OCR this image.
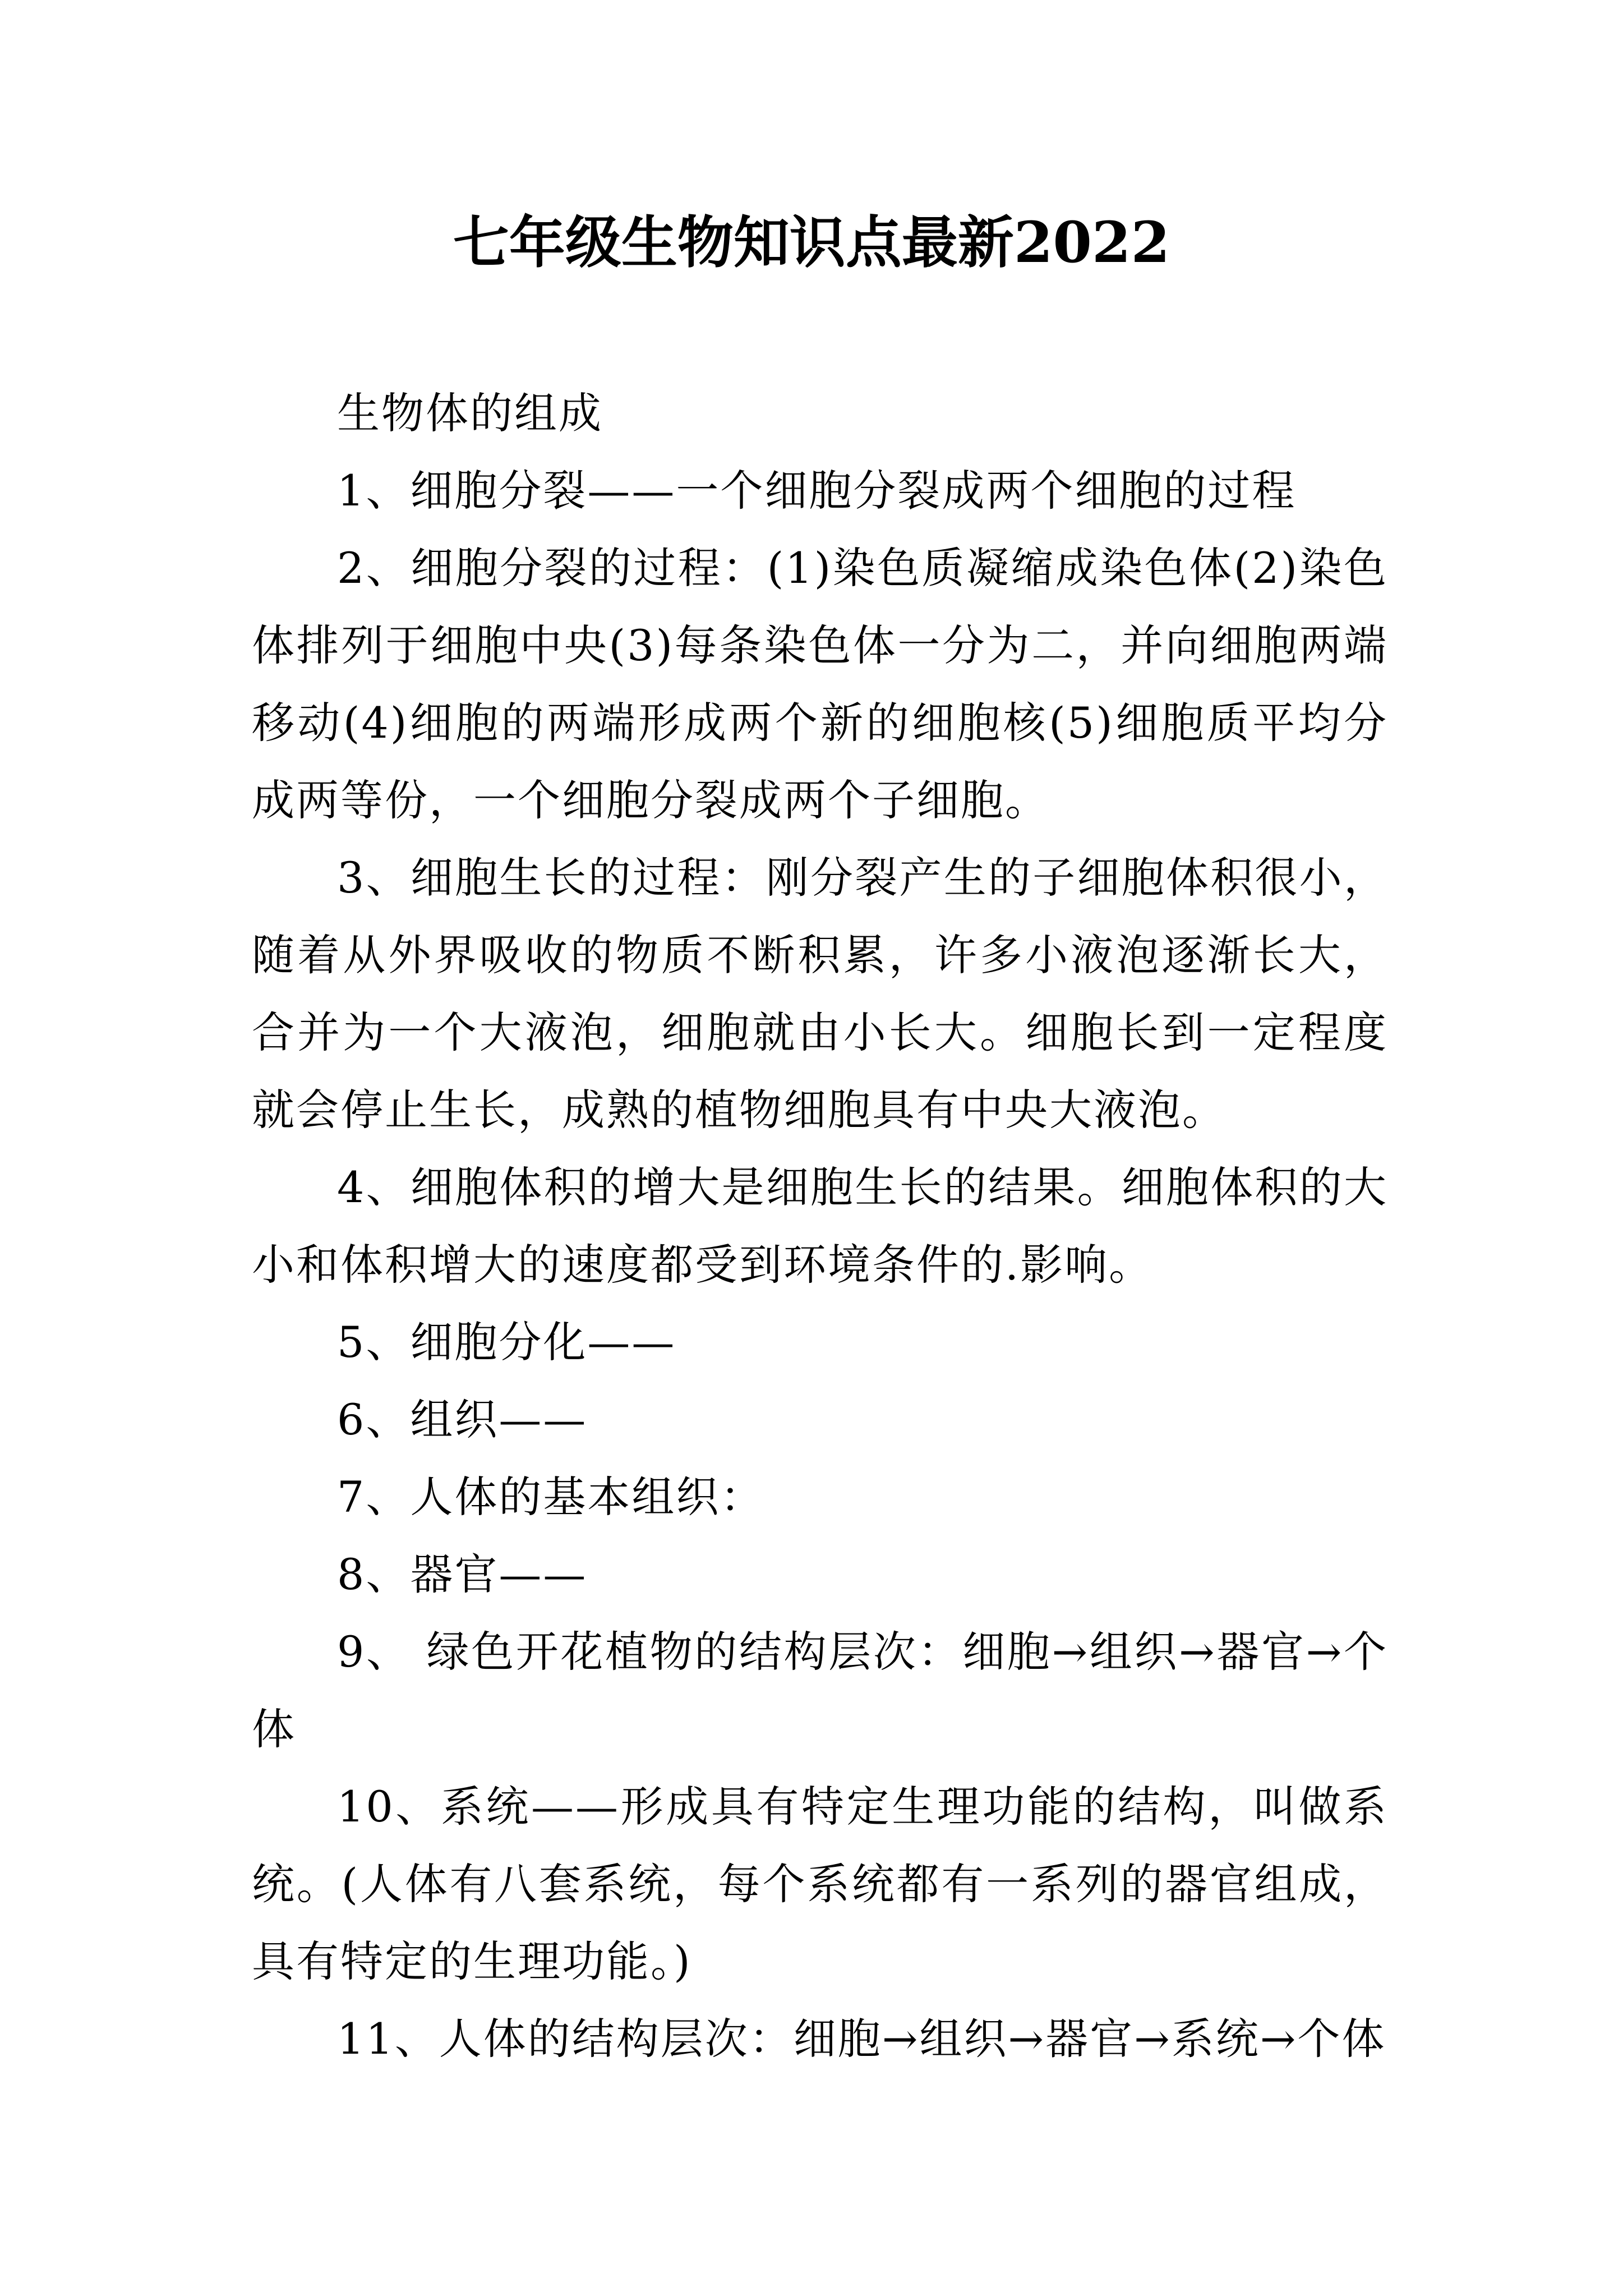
七年级生物知识点最新2022

生物体的组成

1、细胞分裂——一个细胞分裂成两个细胞的过程

2、细胞分裂的过程：(1)染色质凝缩成染色体(2)染色体排列于细胞中央(3)每条染色体一分为二，并向细胞两端移动(4)细胞的两端形成两个新的细胞核(5)细胞质平均分成两等份，一个细胞分裂成两个子细胞。

3、细胞生长的过程：刚分裂产生的子细胞体积很小，随着从外界吸收的物质不断积累，许多小液泡逐渐长大，合并为一个大液泡，细胞就由小长大。细胞长到一定程度就会停止生长，成熟的植物细胞具有中央大液泡。

4、细胞体积的增大是细胞生长的结果。细胞体积的大小和体积增大的速度都受到环境条件的.影响。

5、细胞分化——

6、组织——

7、人体的基本组织：

8、器官——

9、 绿色开花植物的结构层次：细胞→组织→器官→个体

10、系统——形成具有特定生理功能的结构，叫做系统。(人体有八套系统，每个系统都有一系列的器官组成，具有特定的生理功能。)

11、人体的结构层次：细胞→组织→器官→系统→个体
